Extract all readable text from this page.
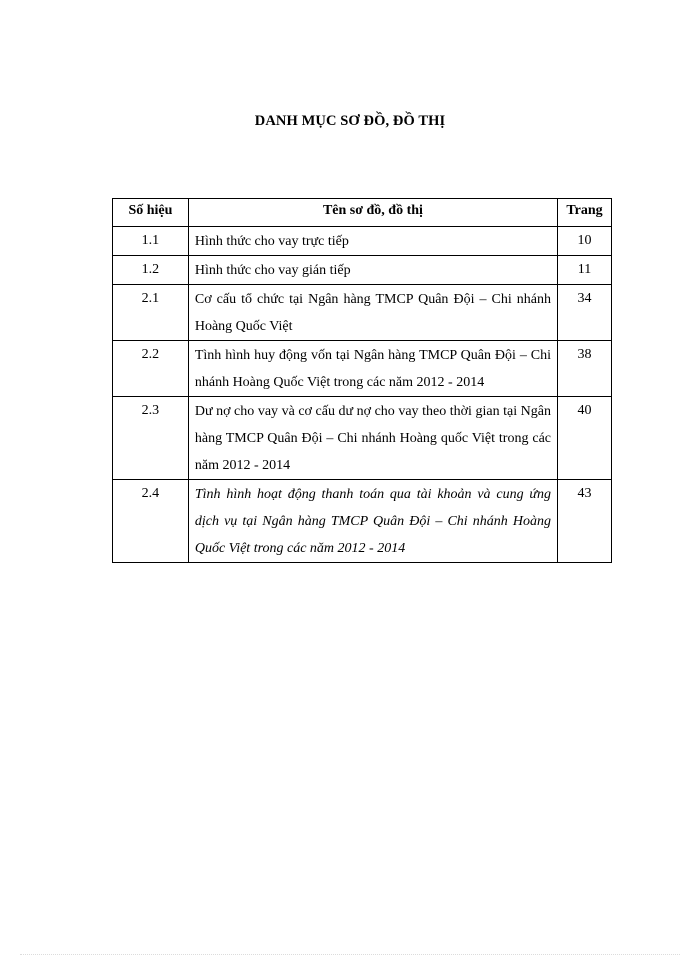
DANH MỤC SƠ ĐỒ, ĐỒ THỊ
Số hiệu	Tên sơ đồ, đồ thị	Trang
1.1	Hình thức cho vay trực tiếp	10
1.2	Hình thức cho vay gián tiếp	11
2.1	Cơ cấu tổ chức tại Ngân hàng TMCP Quân Đội – Chi nhánh Hoàng Quốc Việt	34
2.2	Tình hình huy động vốn tại Ngân hàng TMCP Quân Đội – Chi nhánh Hoàng Quốc Việt trong các năm 2012 - 2014	38
2.3	Dư nợ cho vay và cơ cấu dư nợ cho vay theo thời gian tại Ngân hàng TMCP Quân Đội – Chi nhánh Hoàng quốc Việt trong các năm 2012 - 2014	40
2.4	Tình hình hoạt động thanh toán qua tài khoản và cung ứng dịch vụ tại Ngân hàng TMCP Quân Đội – Chi nhánh Hoàng Quốc Việt trong các năm 2012 - 2014	43
